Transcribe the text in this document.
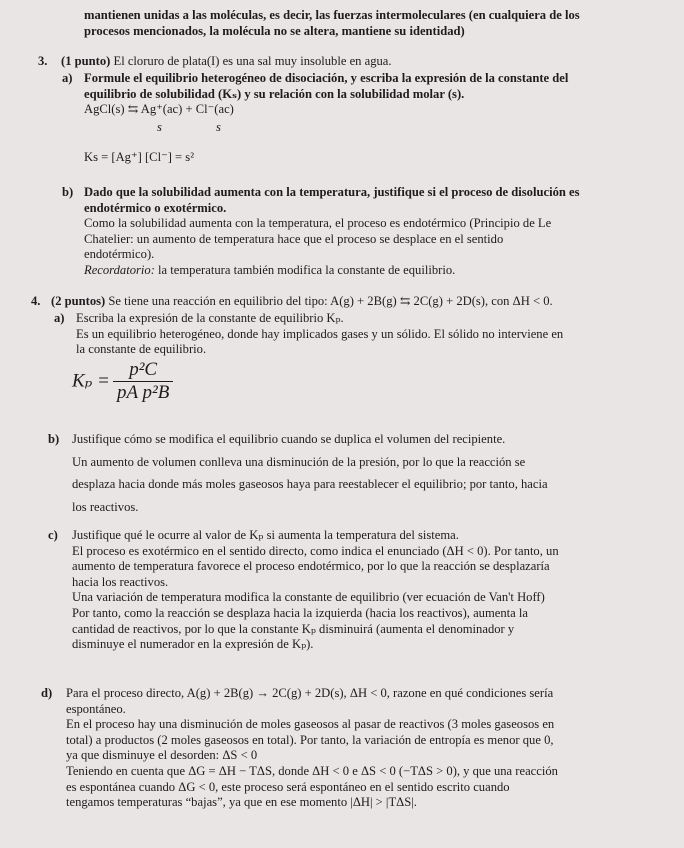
mantienen unidas a las moléculas, es decir, las fuerzas intermoleculares (en cualquiera de los

procesos mencionados, la molécula no se altera, mantiene su identidad)

3. (1 punto) El cloruro de plata(I) es una sal muy insoluble en agua.

a) Formule el equilibrio heterogéneo de disociación, y escriba la expresión de la constante del

equilibrio de solubilidad (Kₛ) y su relación con la solubilidad molar (s).

AgCl(s) ⇆ Ag⁺(ac) + Cl⁻(ac)

s	s

Ks = [Ag⁺] [Cl⁻] = s²

b) Dado que la solubilidad aumenta con la temperatura, justifique si el proceso de disolución es

endotérmico o exotérmico.

Como la solubilidad aumenta con la temperatura, el proceso es endotérmico (Principio de Le

Chatelier: un aumento de temperatura hace que el proceso se desplace en el sentido

endotérmico).

Recordatorio: la temperatura también modifica la constante de equilibrio.

4. (2 puntos) Se tiene una reacción en equilibrio del tipo: A(g) + 2B(g) ⇆ 2C(g) + 2D(s), con ΔH < 0.

a) Escriba la expresión de la constante de equilibrio Kₚ.

Es un equilibrio heterogéneo, donde hay implicados gases y un sólido. El sólido no interviene en

la constante de equilibrio.

$K_p = \frac{\text{p²C}}{\text{pA p²B}}$
b) Justifique cómo se modifica el equilibrio cuando se duplica el volumen del recipiente.

Un aumento de volumen conlleva una disminución de la presión, por lo que la reacción se

desplaza hacia donde más moles gaseosos haya para reestablecer el equilibrio; por tanto, hacia

los reactivos.

c) Justifique qué le ocurre al valor de Kₚ si aumenta la temperatura del sistema.

El proceso es exotérmico en el sentido directo, como indica el enunciado (ΔH < 0). Por tanto, un

aumento de temperatura favorece el proceso endotérmico, por lo que la reacción se desplazaría

hacia los reactivos.

Una variación de temperatura modifica la constante de equilibrio (ver ecuación de Van't Hoff)

Por tanto, como la reacción se desplaza hacia la izquierda (hacia los reactivos), aumenta la

cantidad de reactivos, por lo que la constante Kₚ disminuirá (aumenta el denominador y

disminuye el numerador en la expresión de Kₚ).

d) Para el proceso directo, A(g) + 2B(g) → 2C(g) + 2D(s), ΔH < 0, razone en qué condiciones sería

espontáneo.

En el proceso hay una disminución de moles gaseosos al pasar de reactivos (3 moles gaseosos en

total) a productos (2 moles gaseosos en total). Por tanto, la variación de entropía es menor que 0,

ya que disminuye el desorden: ΔS < 0

Teniendo en cuenta que ΔG = ΔH − TΔS, donde ΔH < 0 e ΔS < 0 (−TΔS > 0), y que una reacción

es espontánea cuando ΔG < 0, este proceso será espontáneo en el sentido escrito cuando

tengamos temperaturas “bajas”, ya que en ese momento |ΔH| > |TΔS|.
